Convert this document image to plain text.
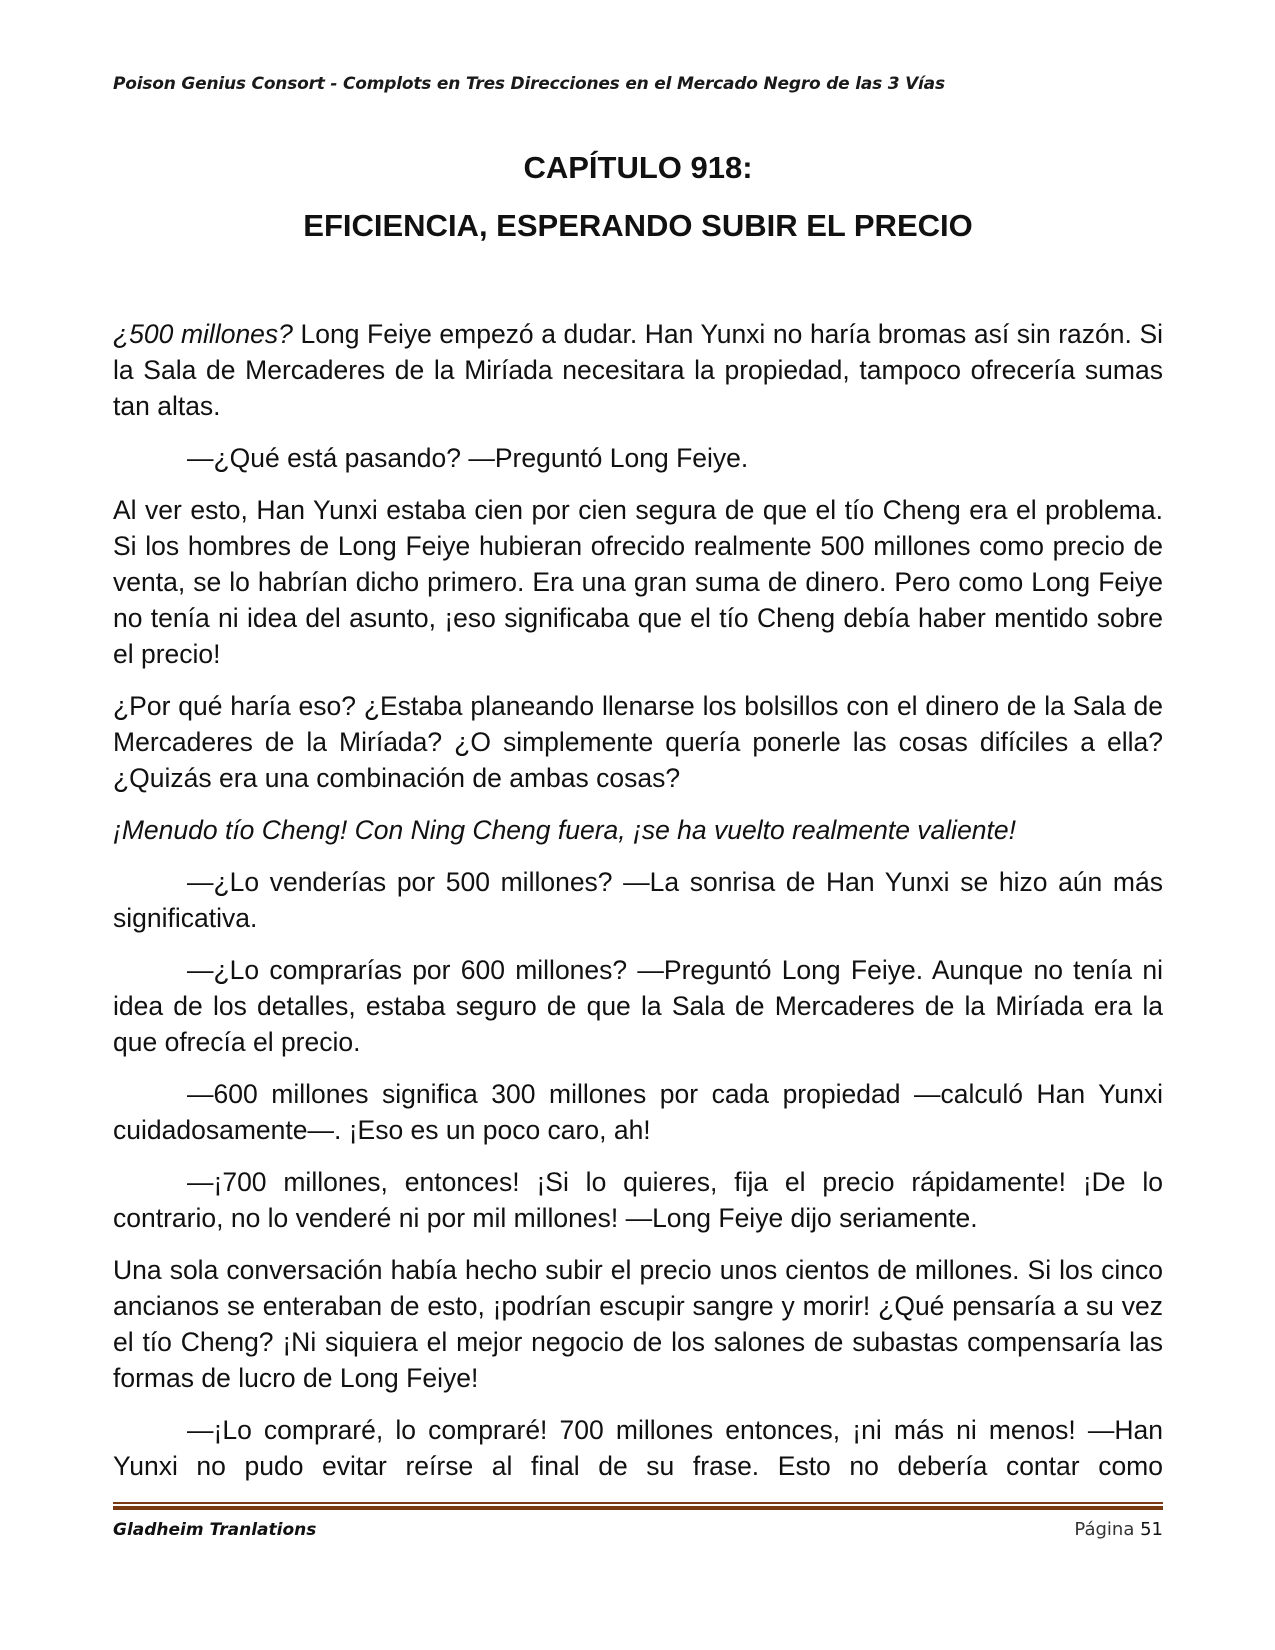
Poison Genius Consort - Complots en Tres Direcciones en el Mercado Negro de las 3 Vías
CAPÍTULO 918:
EFICIENCIA, ESPERANDO SUBIR EL PRECIO

¿500 millones? Long Feiye empezó a dudar. Han Yunxi no haría bromas así sin razón. Si la Sala de Mercaderes de la Miríada necesitara la propiedad, tampoco ofrecería sumas tan altas.

—¿Qué está pasando? —Preguntó Long Feiye.

Al ver esto, Han Yunxi estaba cien por cien segura de que el tío Cheng era el problema. Si los hombres de Long Feiye hubieran ofrecido realmente 500 millones como precio de venta, se lo habrían dicho primero. Era una gran suma de dinero. Pero como Long Feiye no tenía ni idea del asunto, ¡eso significaba que el tío Cheng debía haber mentido sobre el precio!

¿Por qué haría eso? ¿Estaba planeando llenarse los bolsillos con el dinero de la Sala de Mercaderes de la Miríada? ¿O simplemente quería ponerle las cosas difíciles a ella? ¿Quizás era una combinación de ambas cosas?

¡Menudo tío Cheng! Con Ning Cheng fuera, ¡se ha vuelto realmente valiente!

—¿Lo venderías por 500 millones? —La sonrisa de Han Yunxi se hizo aún más significativa.

—¿Lo comprarías por 600 millones? —Preguntó Long Feiye. Aunque no tenía ni idea de los detalles, estaba seguro de que la Sala de Mercaderes de la Miríada era la que ofrecía el precio.

—600 millones significa 300 millones por cada propiedad —calculó Han Yunxi cuidadosamente—. ¡Eso es un poco caro, ah!

—¡700 millones, entonces! ¡Si lo quieres, fija el precio rápidamente! ¡De lo contrario, no lo venderé ni por mil millones! —Long Feiye dijo seriamente.

Una sola conversación había hecho subir el precio unos cientos de millones. Si los cinco ancianos se enteraban de esto, ¡podrían escupir sangre y morir! ¿Qué pensaría a su vez el tío Cheng? ¡Ni siquiera el mejor negocio de los salones de subastas compensaría las formas de lucro de Long Feiye!

—¡Lo compraré, lo compraré! 700 millones entonces, ¡ni más ni menos! —Han Yunxi no pudo evitar reírse al final de su frase. Esto no debería contar como

Gladheim Tranlations	Página 51
